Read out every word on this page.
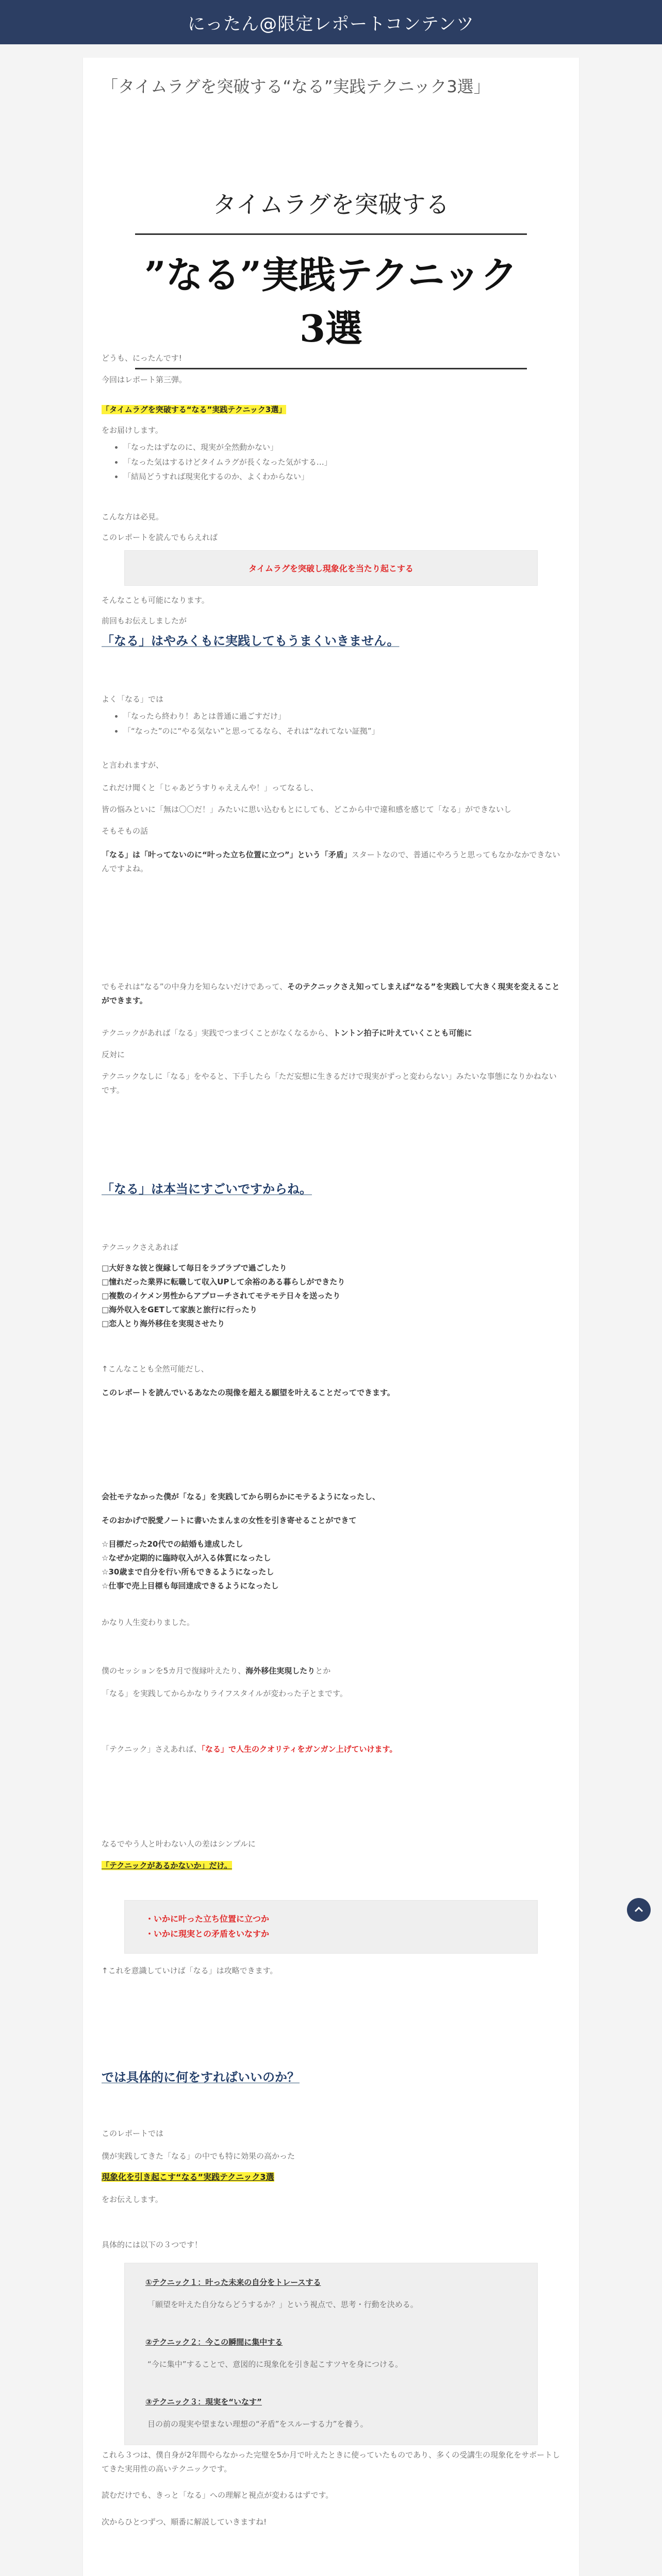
にったん@限定レポートコンテンツ
「タイムラグを突破する“なる”実践テクニック3選」
タイムラグを突破する
”なる”実践テクニック3選
どうも、にったんです!
今回はレポート第三弾。
「タイムラグを突破する“なる”実践テクニック3選」
をお届けします。
• 「なったはずなのに、現実が全然動かない」
• 「なった気はするけどタイムラグが長くなった気がする…」
• 「結局どうすれば現実化するのか、よくわからない」
こんな方は必見。
このレポートを読んでもらえれば
タイムラグを突破し現象化を当たり起こする
そんなことも可能になります。
前回もお伝えしましたが
「なる」はやみくもに実践してもうまくいきません。
よく「なる」では
• 「なったら終わり！あとは普通に過ごすだけ」
• 「“なった”のに“やる気ない”と思ってるなら、それは“なれてない証拠”」
と言われますが、
これだけ聞くと「じゃあどうすりゃええんや！」ってなるし、
皆の悩みといに「無は〇〇だ！」みたいに思い込むもとにしても、どこから中で違和感を感じて「なる」ができないし
そもそもの話
「なる」は「叶ってないのに“叶った立ち位置に立つ”」という「矛盾」スタートなので、普通にやろうと思ってもなかなかできないんですよね。
でもそれは“なる”の中身力を知らないだけであって、そのテクニックさえ知ってしまえば“なる”を実践して大きく現実を変えることができます。
テクニックがあれば「なる」実践でつまづくことがなくなるから、トントン拍子に叶えていくことも可能に
反対に
テクニックなしに「なる」をやると、下手したら「ただ妄想に生きるだけで現実がずっと変わらない」みたいな事態になりかねないです。
「なる」は本当にすごいですからね。
テクニックさえあれば
□大好きな彼と復縁して毎日をラブラブで過ごしたり
□憧れだった業界に転職して収入UPして余裕のある暮らしができたり
□複数のイケメン男性からアプローチされてモテモテ日々を送ったり
□海外収入をGETして家族と旅行に行ったり
□恋人とり海外移住を実現させたり
↑こんなことも全然可能だし、
このレポートを読んでいるあなたの現像を超える願望を叶えることだってできます。
会社モテなかった僕が「なる」を実践してから明らかにモテるようになったし、
そのおかげで脱愛ノートに書いたまんまの女性を引き寄せることができて
☆目標だった20代での結婚も達成したし
☆なぜか定期的に臨時収入が入る体質になったし
☆30歳まで自分を行い所もできるようになったし
☆仕事で売上目標も毎回達成できるようになったし
かなり人生変わりました。
僕のセッションを5カ月で復縁叶えたり、海外移住実現したりとか
「なる」を実践してからかなりライフスタイルが変わった子とまです。
「テクニック」さえあれば、「なる」で人生のクオリティをガンガン上げていけます。
なるでやう人と叶わない人の差はシンプルに
「テクニックがあるかないか」だけ。
・いかに叶った立ち位置に立つか
・いかに現実との矛盾をいなすか
↑これを意識していけば「なる」は攻略できます。
では具体的に何をすればいいのか？
このレポートでは
僕が実践してきた「なる」の中でも特に効果の高かった
現象化を引き起こす“なる”実践テクニック3選
をお伝えします。
具体的には以下の３つです！
①テクニック１：叶った未来の自分をトレースする
「願望を叶えた自分ならどうするか？」という視点で、思考・行動を決める。
②テクニック２：今この瞬間に集中する
“今に集中”することで、意図的に現象化を引き起こすツヤを身につける。
③テクニック３：現実を“いなす”
目の前の現実や望まない理想の“矛盾”をスルーする力”を養う。
これら３つは、僕自身が2年間やらなかった完璧を5か月で叶えたときに使っていたものであり、多くの受講生の現象化をサポートしてきた実用性の高いテクニックです。
読むだけでも、きっと「なる」への理解と視点が変わるはずです。
次からひとつずつ、順番に解説していきますね!
